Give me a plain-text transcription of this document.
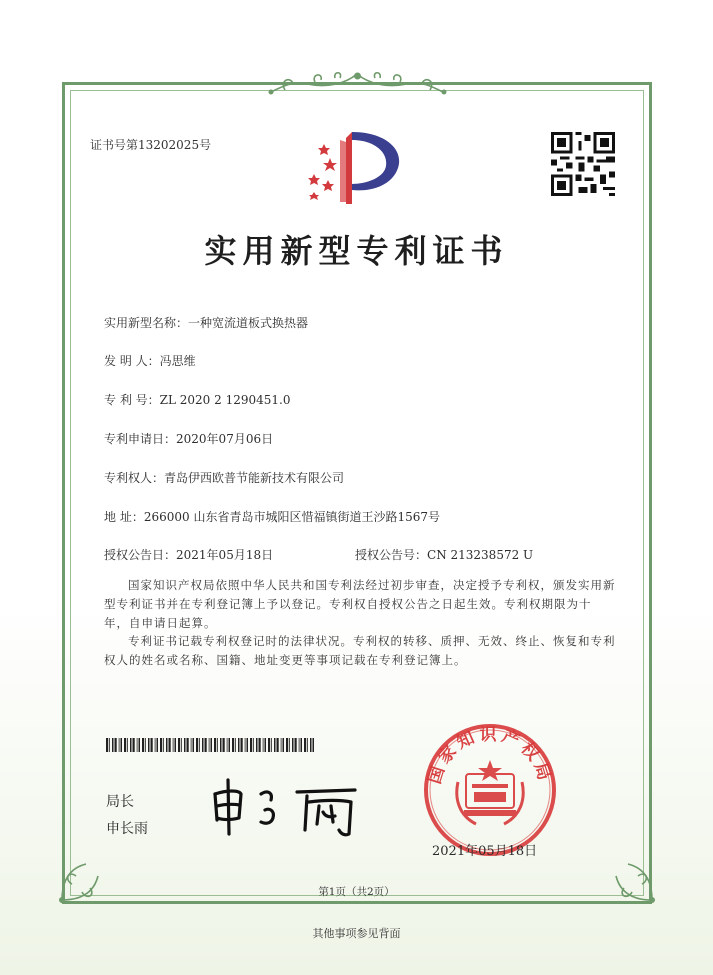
证书号第13202025号
实用新型专利证书
实用新型名称：一种宽流道板式换热器
发 明 人：冯思维
专 利 号：ZL 2020 2 1290451.0
专利申请日：2020年07月06日
专利权人：青岛伊西欧普节能新技术有限公司
地 址：266000 山东省青岛市城阳区惜福镇街道王沙路1567号
授权公告日：2021年05月18日	授权公告号：CN 213238572 U
国家知识产权局依照中华人民共和国专利法经过初步审查，决定授予专利权，颁发实用新型专利证书并在专利登记簿上予以登记。专利权自授权公告之日起生效。专利权期限为十年，自申请日起算。
专利证书记载专利权登记时的法律状况。专利权的转移、质押、无效、终止、恢复和专利权人的姓名或名称、国籍、地址变更等事项记载在专利登记簿上。
局长
申长雨
国家知识产权局
2021年05月18日
第1页（共2页）
其他事项参见背面
